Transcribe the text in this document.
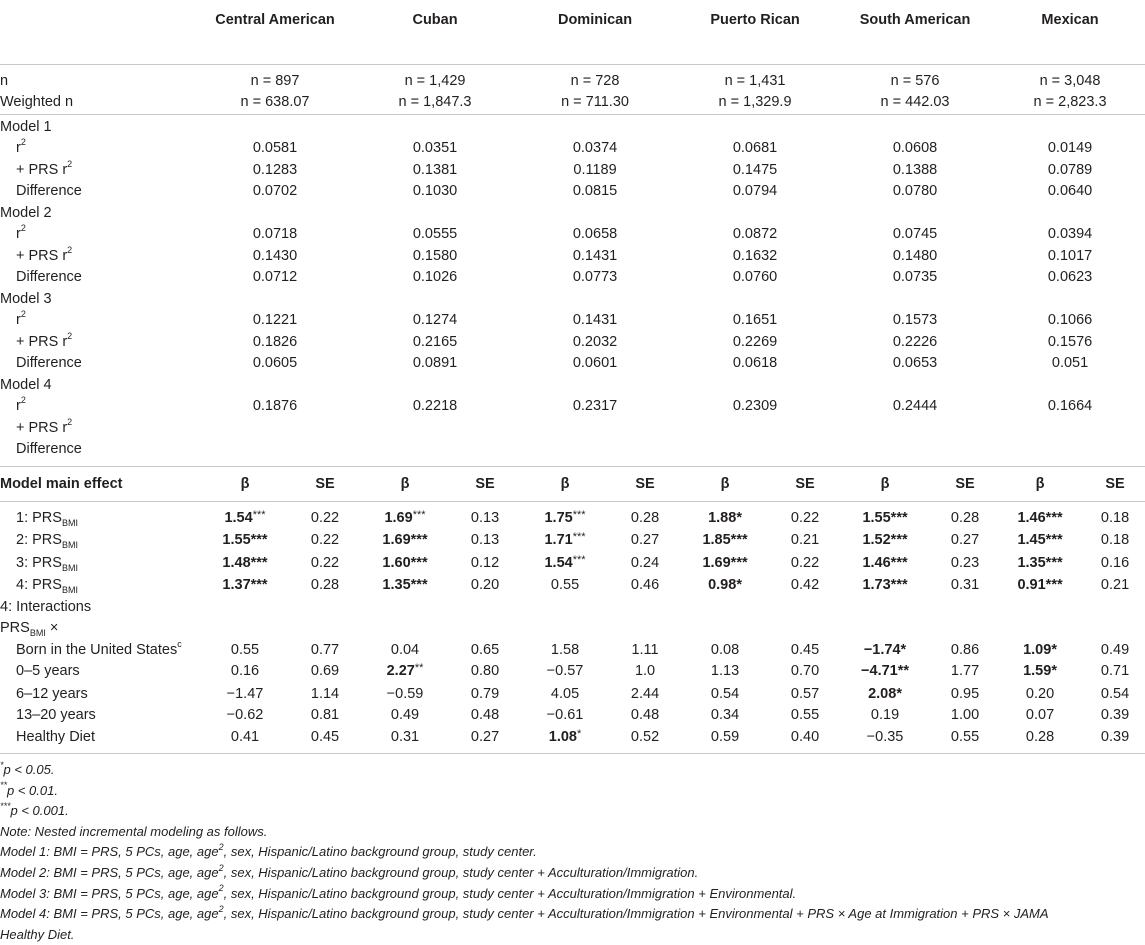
	Central American		Cuban		Dominican		Puerto Rican		South American		Mexican	

n	n = 897		n = 1,429		n = 728		n = 1,431		n = 576		n = 3,048	
Weighted n	n = 638.07		n = 1,847.3		n = 711.30		n = 1,329.9		n = 442.03		n = 2,823.3	

Model 1												
$r^2$	0.0581		0.0351		0.0374		0.0681		0.0608		0.0149	
+ PRS $r^2$	0.1283		0.1381		0.1189		0.1475		0.1388		0.0789	
Difference	0.0702		0.1030		0.0815		0.0794		0.0780		0.0640	
Model 2												
$r^2$	0.0718		0.0555		0.0658		0.0872		0.0745		0.0394	
+ PRS $r^2$	0.1430		0.1580		0.1431		0.1632		0.1480		0.1017	
Difference	0.0712		0.1026		0.0773		0.0760		0.0735		0.0623	
Model 3												
$r^2$	0.1221		0.1274		0.1431		0.1651		0.1573		0.1066	
+ PRS $r^2$	0.1826		0.2165		0.2032		0.2269		0.2226		0.1576	
Difference	0.0605		0.0891		0.0601		0.0618		0.0653		0.051	
Model 4												
$r^2$	0.1876		0.2218		0.2317		0.2309		0.2444		0.1664	
+ PRS $r^2$						
Difference												

Model main effect	β	SE	β	SE	β	SE	β	SE	β	SE	β	SE

1: $PRS_{BMI}$	1.54***	0.22	1.69***	0.13	1.75***	0.28	1.88*	0.22	1.55***	0.28	1.46***	0.18
2: $PRS_{BMI}$	1.55***	0.22	1.69***	0.13	1.71***	0.27	1.85***	0.21	1.52***	0.27	1.45***	0.18
3: $PRS_{BMI}$	1.48***	0.22	1.60***	0.12	1.54***	0.24	1.69***	0.22	1.46***	0.23	1.35***	0.16
4: $PRS_{BMI}$	1.37***	0.28	1.35***	0.20	0.55	0.46	0.98*	0.42	1.73***	0.31	0.91***	0.21
4: Interactions												
$PRS_{BMI}$ ×												
Born in the United States$^c$	0.55	0.77	0.04	0.65	1.58	1.11	0.08	0.45	−1.74*	0.86	1.09*	0.49
0–5 years	0.16	0.69	2.27**	0.80	−0.57	1.0	1.13	0.70	−4.71**	1.77	1.59*	0.71
6–12 years	−1.47	1.14	−0.59	0.79	4.05	2.44	0.54	0.57	2.08*	0.95	0.20	0.54
13–20 years	−0.62	0.81	0.49	0.48	−0.61	0.48	0.34	0.55	0.19	1.00	0.07	0.39
Healthy Diet	0.41	0.45	0.31	0.27	1.08*	0.52	0.59	0.40	−0.35	0.55	0.28	0.39

*p < 0.05.
**p < 0.01.
***p < 0.001.
Note: Nested incremental modeling as follows.
Model 1: BMI = PRS, 5 PCs, age, age$^2$, sex, Hispanic/Latino background group, study center.
Model 2: BMI = PRS, 5 PCs, age, age$^2$, sex, Hispanic/Latino background group, study center + Acculturation/Immigration.
Model 3: BMI = PRS, 5 PCs, age, age$^2$, sex, Hispanic/Latino background group, study center + Acculturation/Immigration + Environmental.
Model 4: BMI = PRS, 5 PCs, age, age$^2$, sex, Hispanic/Latino background group, study center + Acculturation/Immigration + Environmental + PRS × Age at Immigration + PRS × JAMA
Healthy Diet.
